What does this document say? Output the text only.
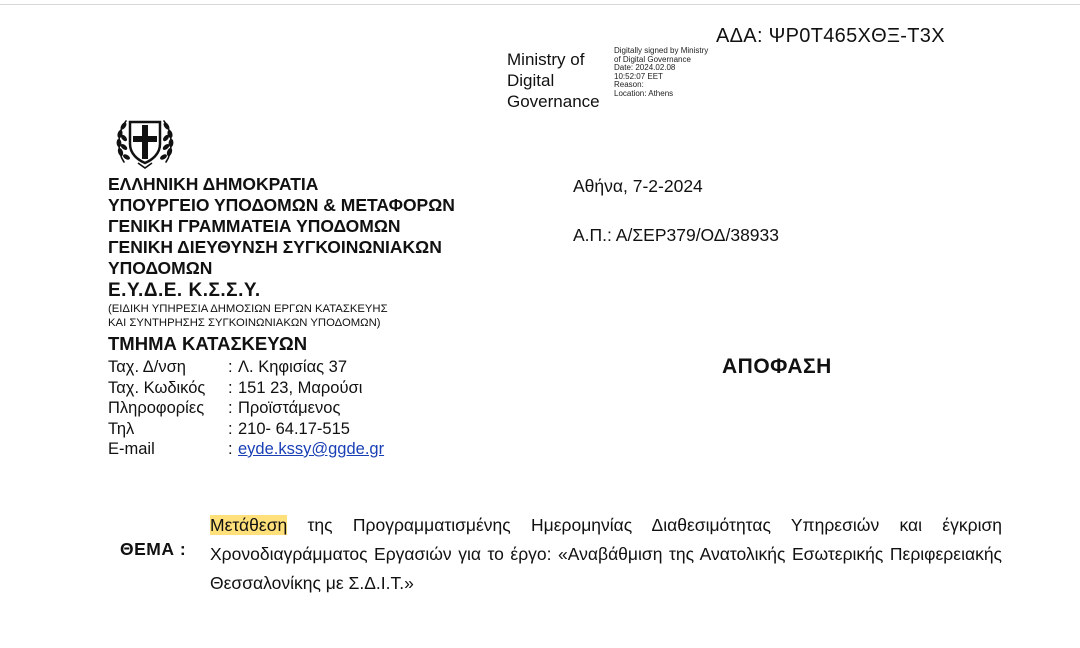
ΑΔΑ: ΨΡ0Τ465ΧΘΞ-Τ3Χ
Ministry of
Digital
Governance
Digitally signed by Ministry
of Digital Governance
Date: 2024.02.08
10:52:07 EET
Reason:
Location: Athens
ΕΛΛΗΝΙΚΗ ΔΗΜΟΚΡΑΤΙΑ
ΥΠΟΥΡΓΕΙΟ ΥΠΟΔΟΜΩΝ & ΜΕΤΑΦΟΡΩΝ
ΓΕΝΙΚΗ ΓΡΑΜΜΑΤΕΙΑ ΥΠΟΔΟΜΩΝ
ΓΕΝΙΚΗ ΔΙΕΥΘΥΝΣΗ ΣΥΓΚΟΙΝΩΝΙΑΚΩΝ
ΥΠΟΔΟΜΩΝ
Ε.Υ.Δ.Ε. Κ.Σ.Σ.Υ.
(ΕΙΔΙΚΗ ΥΠΗΡΕΣΙΑ ΔΗΜΟΣΙΩΝ ΕΡΓΩΝ ΚΑΤΑΣΚΕΥΗΣ
ΚΑΙ ΣΥΝΤΗΡΗΣΗΣ ΣΥΓΚΟΙΝΩΝΙΑΚΩΝ ΥΠΟΔΟΜΩΝ)
ΤΜΗΜΑ ΚΑΤΑΣΚΕΥΩΝ
Ταχ. Δ/νση	: Λ. Κηφισίας 37
Ταχ. Κωδικός	: 151 23, Μαρούσι
Πληροφορίες	: Προϊστάμενος
Τηλ	: 210- 64.17-515
E-mail	: eyde.kssy@ggde.gr
Αθήνα, 7-2-2024
Α.Π.: Α/ΣΕΡ379/ΟΔ/38933
ΑΠΟΦΑΣΗ
ΘΕΜΑ :
Μετάθεση της Προγραμματισμένης Ημερομηνίας Διαθεσιμότητας Υπηρεσιών και έγκριση Χρονοδιαγράμματος Εργασιών για το έργο: «Αναβάθμιση της Ανατολικής Εσωτερικής Περιφερειακής Θεσσαλονίκης με Σ.Δ.Ι.Τ.»
